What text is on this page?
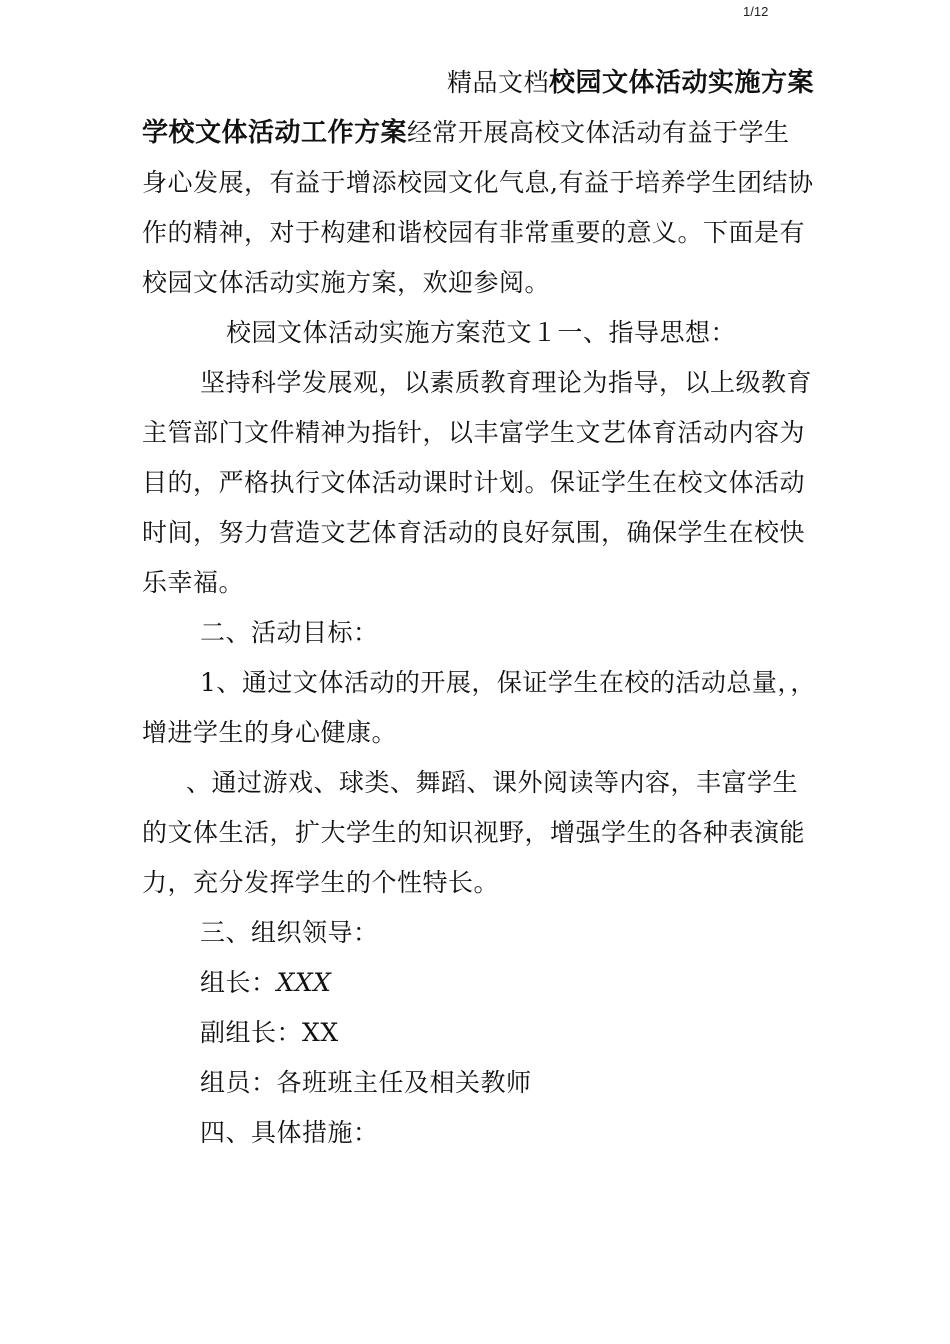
1/12
精品文档校园文体活动实施方案
学校文体活动工作方案经常开展高校文体活动有益于学生
身心发展，有益于增添校园文化气息,有益于培养学生团结协
作的精神，对于构建和谐校园有非常重要的意义。下面是有
校园文体活动实施方案，欢迎参阅。
校园文体活动实施方案范文１一、指导思想：
坚持科学发展观，以素质教育理论为指导，以上级教育
主管部门文件精神为指针，以丰富学生文艺体育活动内容为
目的，严格执行文体活动课时计划。保证学生在校文体活动
时间，努力营造文艺体育活动的良好氛围，确保学生在校快
乐幸福。
二、活动目标：
1、通过文体活动的开展，保证学生在校的活动总量，，
增进学生的身心健康。
、通过游戏、球类、舞蹈、课外阅读等内容，丰富学生
的文体生活，扩大学生的知识视野，增强学生的各种表演能
力，充分发挥学生的个性特长。
三、组织领导：
组长：XXX
副组长：XX
组员：各班班主任及相关教师
四、具体措施：
